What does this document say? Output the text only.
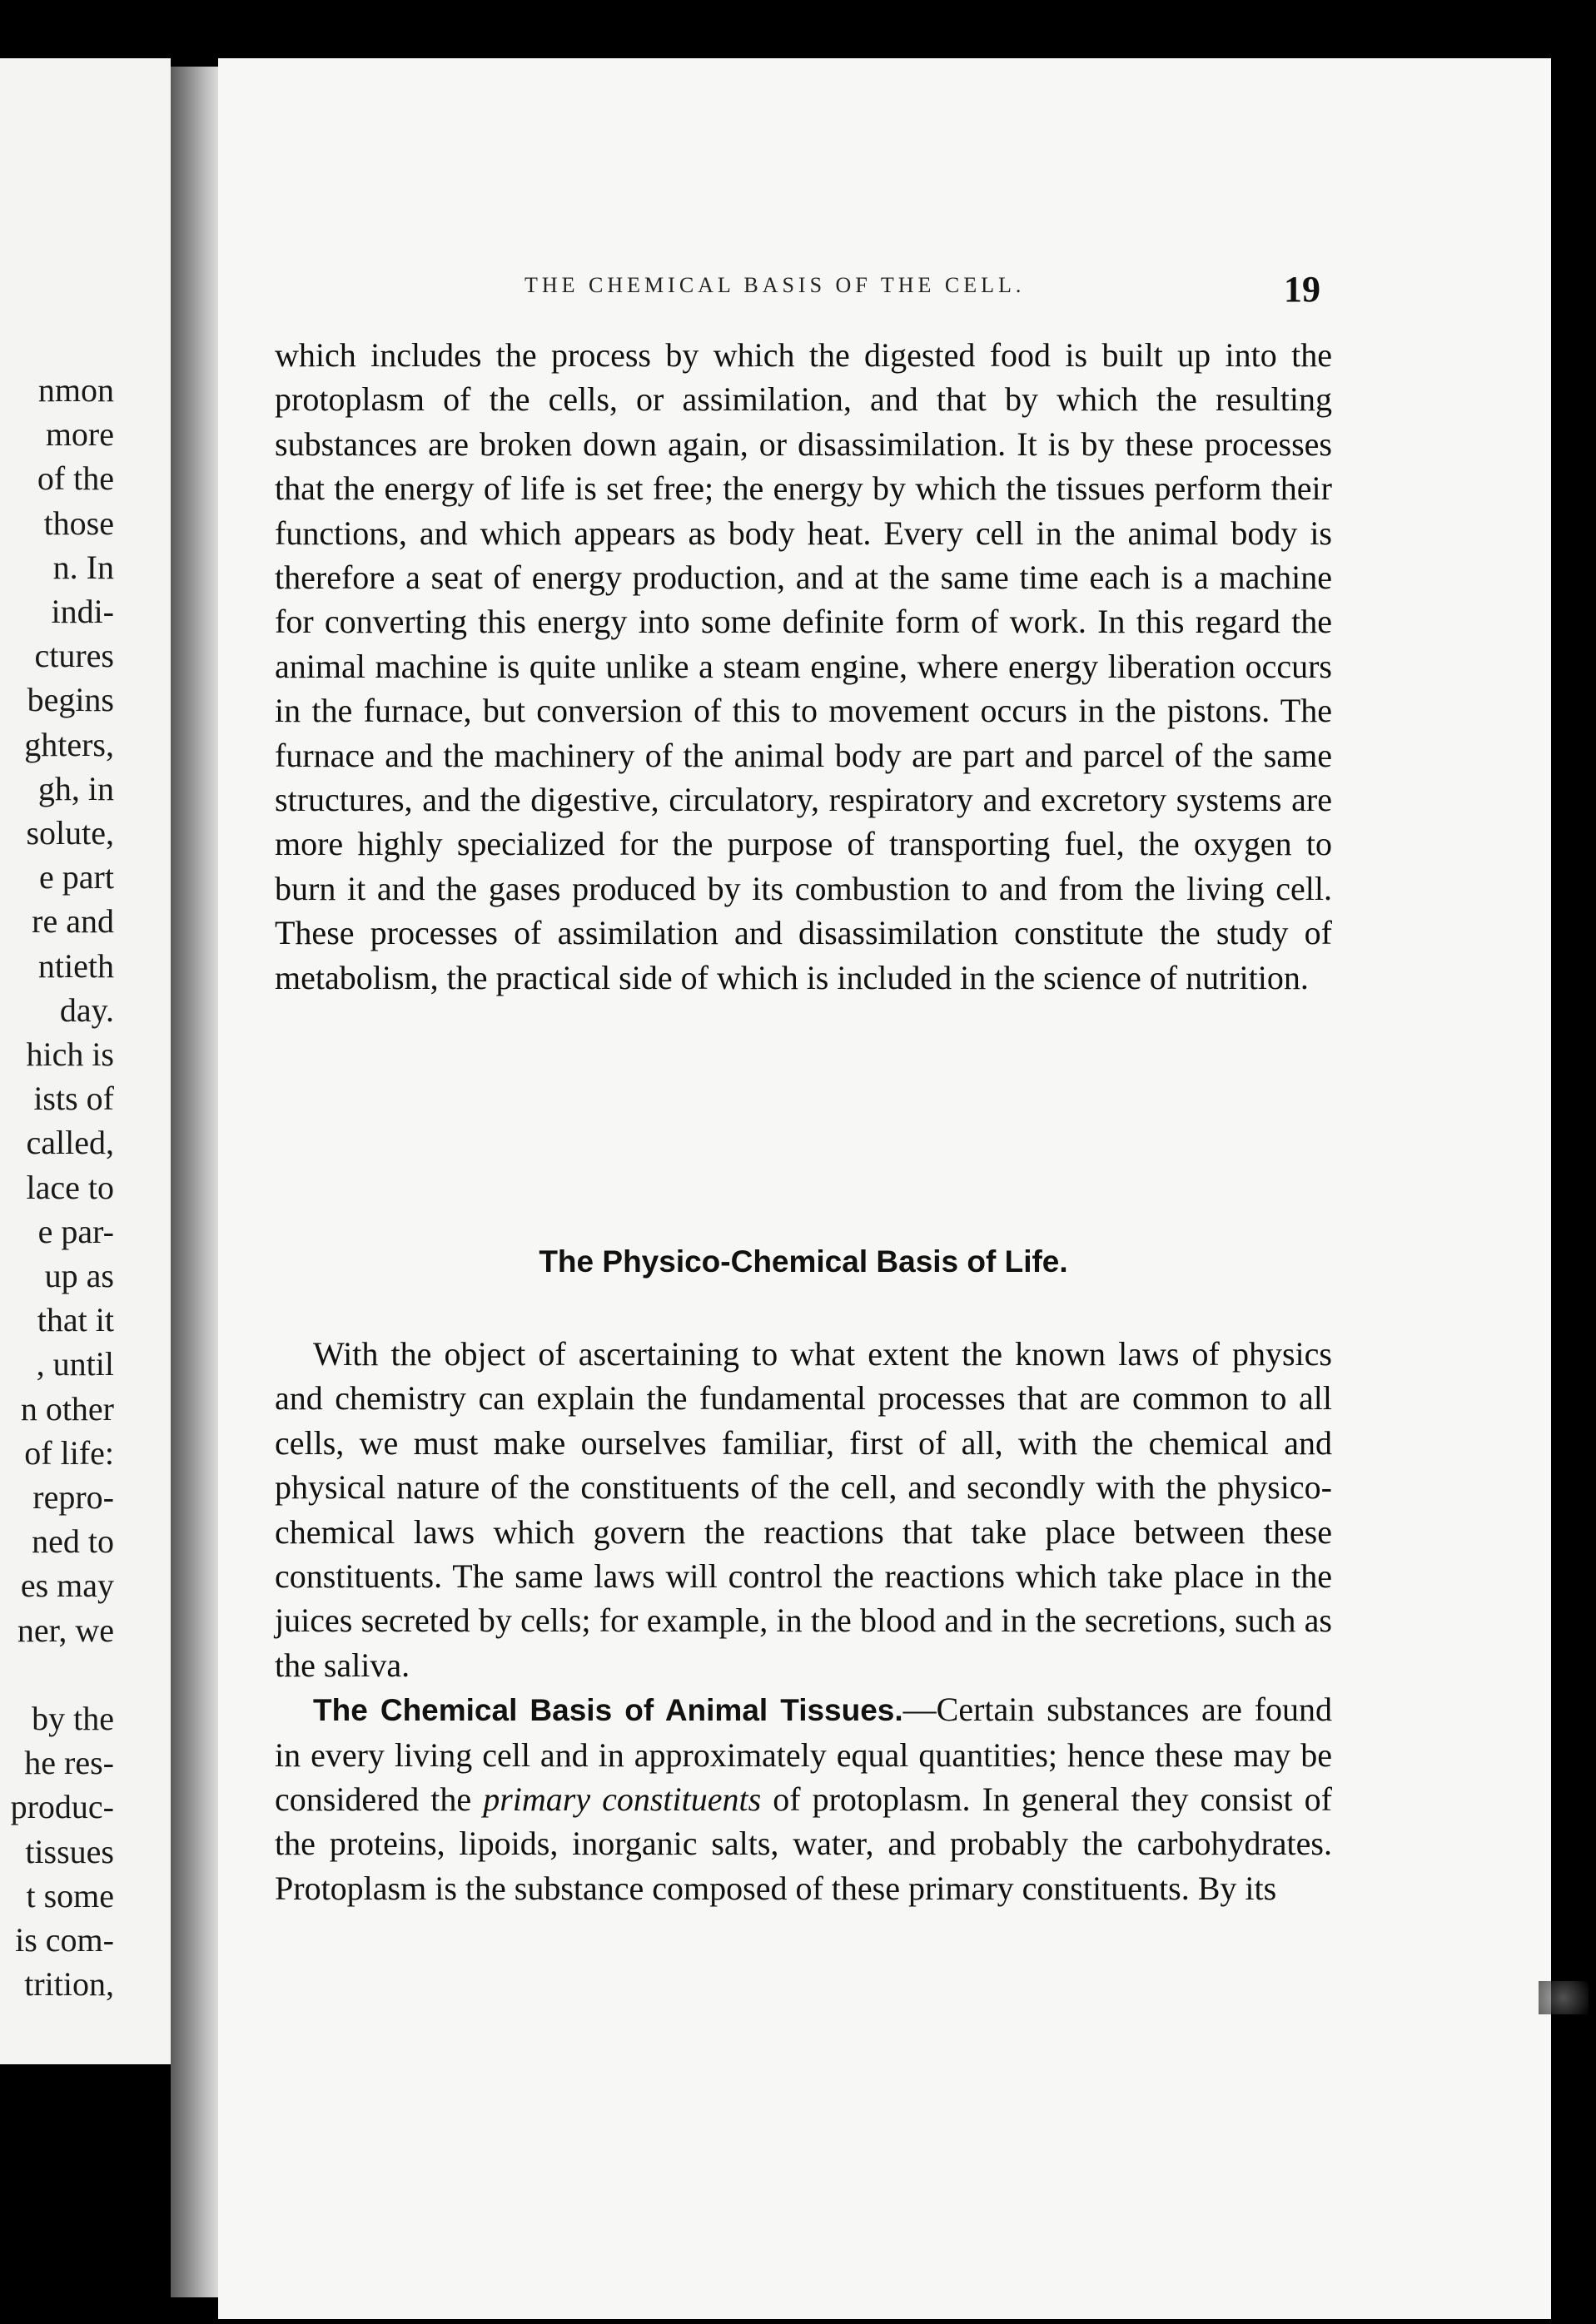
nmon
more
of the
those
n. In
indi-
ctures
begins
ghters,
gh, in
solute,
e part
re and
ntieth
day.
hich is
ists of
called,
lace to
e par-
up as
that it
, until
n other
of life:
repro-
ned to
es may
ner, we
by the
he res-
produc-
tissues
t some
is com-
trition,
THE CHEMICAL BASIS OF THE CELL.	19

which includes the process by which the digested food is built up into the protoplasm of the cells, or assimilation, and that by which the resulting substances are broken down again, or disassimilation. It is by these processes that the energy of life is set free; the energy by which the tissues perform their functions, and which appears as body heat. Every cell in the animal body is therefore a seat of energy production, and at the same time each is a machine for converting this energy into some definite form of work. In this regard the animal machine is quite unlike a steam engine, where energy liberation occurs in the furnace, but conversion of this to movement occurs in the pistons. The furnace and the machinery of the animal body are part and parcel of the same structures, and the digestive, circulatory, respiratory and excretory systems are more highly specialized for the purpose of transporting fuel, the oxygen to burn it and the gases produced by its combustion to and from the living cell. These processes of assimilation and disassimilation constitute the study of metabolism, the practical side of which is included in the science of nutrition.

The Physico-Chemical Basis of Life.

With the object of ascertaining to what extent the known laws of physics and chemistry can explain the fundamental processes that are common to all cells, we must make ourselves familiar, first of all, with the chemical and physical nature of the constituents of the cell, and secondly with the physico-chemical laws which govern the reactions that take place between these constituents. The same laws will control the reactions which take place in the juices secreted by cells; for example, in the blood and in the secretions, such as the saliva.

The Chemical Basis of Animal Tissues.—Certain substances are found in every living cell and in approximately equal quantities; hence these may be considered the primary constituents of protoplasm. In general they consist of the proteins, lipoids, inorganic salts, water, and probably the carbohydrates. Protoplasm is the substance composed of these primary constituents. By its
